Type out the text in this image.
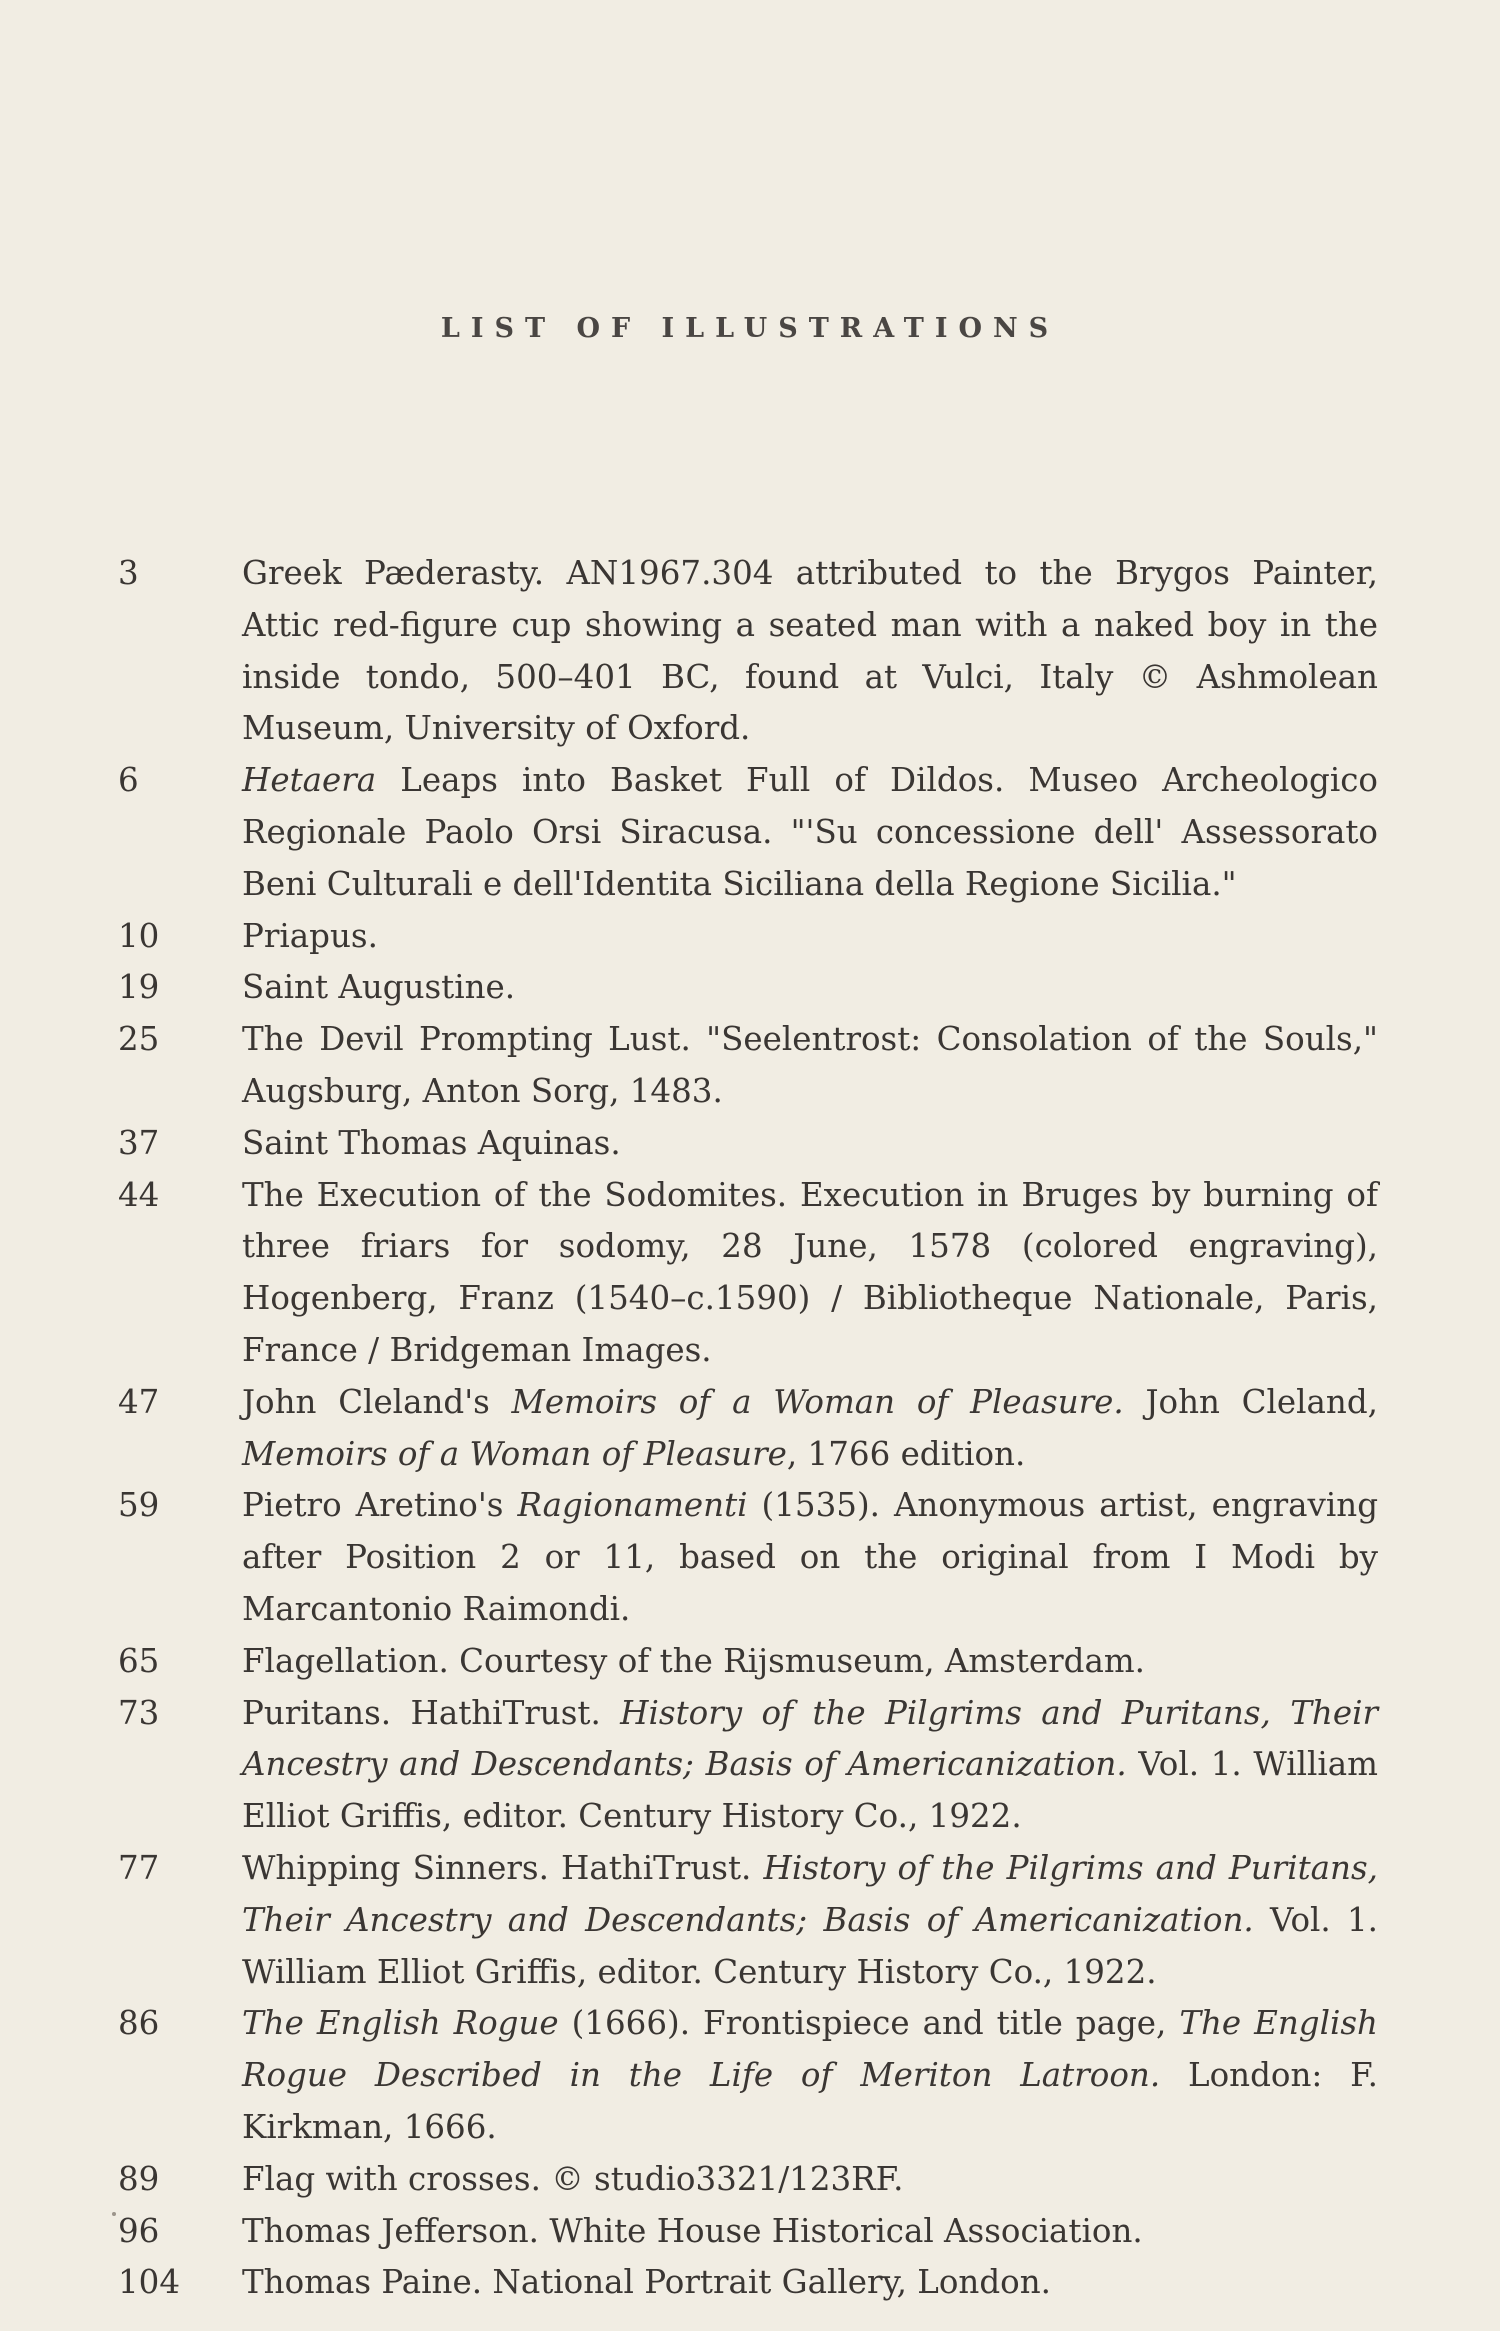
LIST OF ILLUSTRATIONS
3	Greek Pæderasty. AN1967.304 attributed to the Brygos Painter, Attic red-figure cup showing a seated man with a naked boy in the inside tondo, 500–401 BC, found at Vulci, Italy © Ashmolean Museum, University of Oxford.
6	Hetaera Leaps into Basket Full of Dildos. Museo Archeologico Regionale Paolo Orsi Siracusa. "'Su concessione dell' Assessorato Beni Culturali e dell'Identita Siciliana della Regione Sicilia."
10	Priapus.
19	Saint Augustine.
25	The Devil Prompting Lust. "Seelentrost: Consolation of the Souls," Augsburg, Anton Sorg, 1483.
37	Saint Thomas Aquinas.
44	The Execution of the Sodomites. Execution in Bruges by burning of three friars for sodomy, 28 June, 1578 (colored engraving), Hogenberg, Franz (1540–c.1590) / Bibliotheque Nationale, Paris, France / Bridgeman Images.
47	John Cleland's Memoirs of a Woman of Pleasure. John Cleland, Memoirs of a Woman of Pleasure, 1766 edition.
59	Pietro Aretino's Ragionamenti (1535). Anonymous artist, engraving after Position 2 or 11, based on the original from I Modi by Marcantonio Raimondi.
65	Flagellation. Courtesy of the Rijsmuseum, Amsterdam.
73	Puritans. HathiTrust. History of the Pilgrims and Puritans, Their Ancestry and Descendants; Basis of Americanization. Vol. 1. William Elliot Griffis, editor. Century History Co., 1922.
77	Whipping Sinners. HathiTrust. History of the Pilgrims and Puritans, Their Ancestry and Descendants; Basis of Americanization. Vol. 1. William Elliot Griffis, editor. Century History Co., 1922.
86	The English Rogue (1666). Frontispiece and title page, The English Rogue Described in the Life of Meriton Latroon. London: F. Kirkman, 1666.
89	Flag with crosses. © studio3321/123RF.
96	Thomas Jefferson. White House Historical Association.
104	Thomas Paine. National Portrait Gallery, London.
